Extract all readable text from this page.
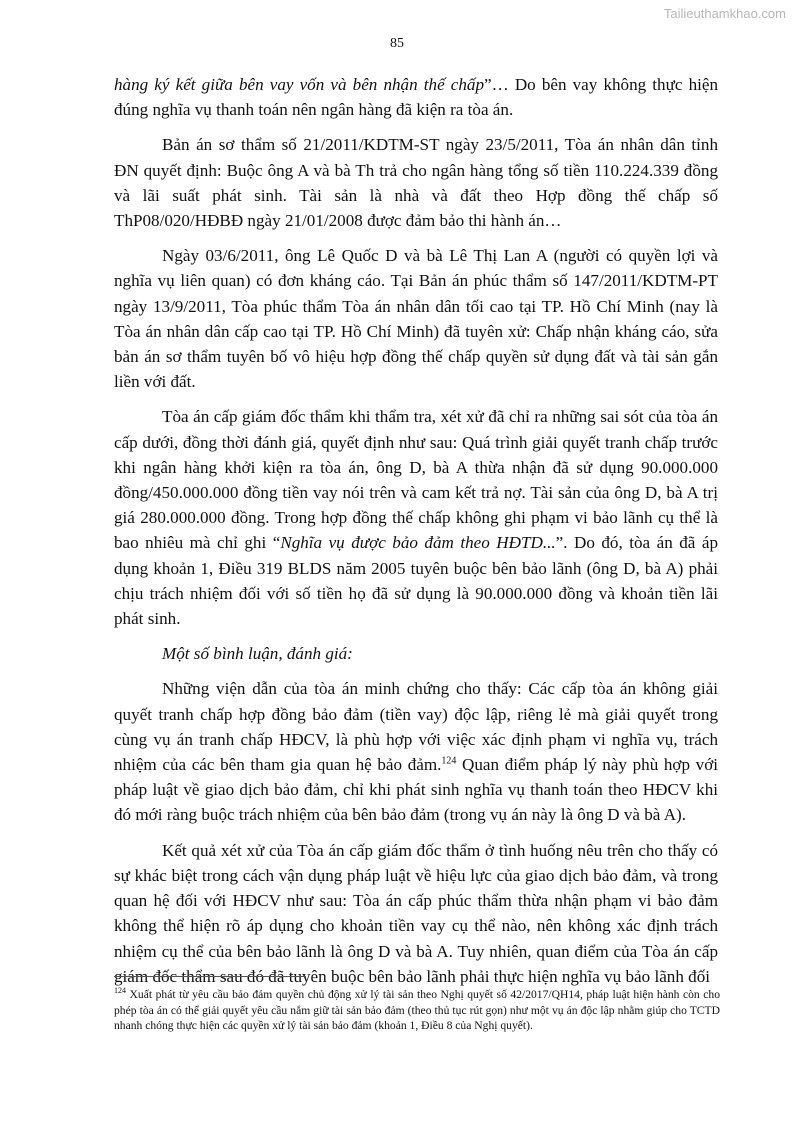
Tailieuthamkhao.com
85

hàng ký kết giữa bên vay vốn và bên nhận thế chấp”… Do bên vay không thực hiện đúng nghĩa vụ thanh toán nên ngân hàng đã kiện ra tòa án.

Bản án sơ thẩm số 21/2011/KDTM-ST ngày 23/5/2011, Tòa án nhân dân tỉnh ĐN quyết định: Buộc ông A và bà Th trả cho ngân hàng tổng số tiền 110.224.339 đồng và lãi suất phát sinh. Tài sản là nhà và đất theo Hợp đồng thế chấp số ThP08/020/HĐBĐ ngày 21/01/2008 được đảm bảo thi hành án…

Ngày 03/6/2011, ông Lê Quốc D và bà Lê Thị Lan A (người có quyền lợi và nghĩa vụ liên quan) có đơn kháng cáo. Tại Bản án phúc thẩm số 147/2011/KDTM-PT ngày 13/9/2011, Tòa phúc thẩm Tòa án nhân dân tối cao tại TP. Hồ Chí Minh (nay là Tòa án nhân dân cấp cao tại TP. Hồ Chí Minh) đã tuyên xử: Chấp nhận kháng cáo, sửa bản án sơ thẩm tuyên bố vô hiệu hợp đồng thế chấp quyền sử dụng đất và tài sản gắn liền với đất.

Tòa án cấp giám đốc thẩm khi thẩm tra, xét xử đã chỉ ra những sai sót của tòa án cấp dưới, đồng thời đánh giá, quyết định như sau: Quá trình giải quyết tranh chấp trước khi ngân hàng khởi kiện ra tòa án, ông D, bà A thừa nhận đã sử dụng 90.000.000 đồng/450.000.000 đồng tiền vay nói trên và cam kết trả nợ. Tài sản của ông D, bà A trị giá 280.000.000 đồng. Trong hợp đồng thế chấp không ghi phạm vi bảo lãnh cụ thể là bao nhiêu mà chỉ ghi “Nghĩa vụ được bảo đảm theo HĐTD...”. Do đó, tòa án đã áp dụng khoản 1, Điều 319 BLDS năm 2005 tuyên buộc bên bảo lãnh (ông D, bà A) phải chịu trách nhiệm đối với số tiền họ đã sử dụng là 90.000.000 đồng và khoản tiền lãi phát sinh.

Một số bình luận, đánh giá:

Những viện dẫn của tòa án minh chứng cho thấy: Các cấp tòa án không giải quyết tranh chấp hợp đồng bảo đảm (tiền vay) độc lập, riêng lẻ mà giải quyết trong cùng vụ án tranh chấp HĐCV, là phù hợp với việc xác định phạm vi nghĩa vụ, trách nhiệm của các bên tham gia quan hệ bảo đảm.$^{124}$ Quan điểm pháp lý này phù hợp với pháp luật về giao dịch bảo đảm, chỉ khi phát sinh nghĩa vụ thanh toán theo HĐCV khi đó mới ràng buộc trách nhiệm của bên bảo đảm (trong vụ án này là ông D và bà A).

Kết quả xét xử của Tòa án cấp giám đốc thẩm ở tình huống nêu trên cho thấy có sự khác biệt trong cách vận dụng pháp luật về hiệu lực của giao dịch bảo đảm, và trong quan hệ đối với HĐCV như sau: Tòa án cấp phúc thẩm thừa nhận phạm vi bảo đảm không thể hiện rõ áp dụng cho khoản tiền vay cụ thể nào, nên không xác định trách nhiệm cụ thể của bên bảo lãnh là ông D và bà A. Tuy nhiên, quan điểm của Tòa án cấp giám đốc thẩm sau đó đã tuyên buộc bên bảo lãnh phải thực hiện nghĩa vụ bảo lãnh đối

$^{124}$ Xuất phát từ yêu cầu bảo đảm quyền chủ động xử lý tài sản theo Nghị quyết số 42/2017/QH14, pháp luật hiện hành còn cho phép tòa án có thể giải quyết yêu cầu nắm giữ tài sản bảo đảm (theo thủ tục rút gọn) như một vụ án độc lập nhằm giúp cho TCTD nhanh chóng thực hiện các quyền xử lý tài sản bảo đảm (khoản 1, Điều 8 của Nghị quyết).
